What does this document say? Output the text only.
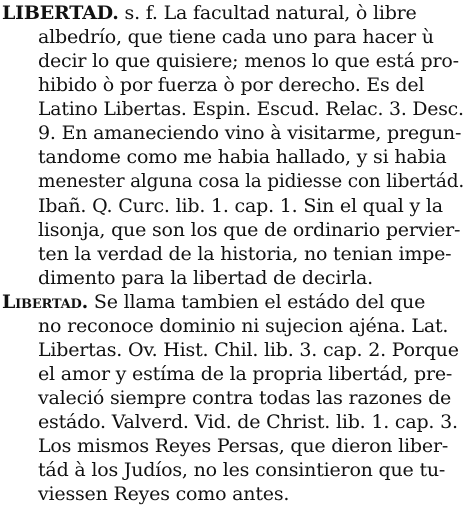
LIBERTAD. s. f. La facultad natural, ò libre
albedrío, que tiene cada uno para hacer ù
decir lo que quisiere; menos lo que está pro-
hibido ò por fuerza ò por derecho. Es del
Latino Libertas. Espin. Escud. Relac. 3. Desc.
9. En amaneciendo vino à visitarme, pregun-
tandome como me habia hallado, y si habia
menester alguna cosa la pidiesse con libertád.
Ibañ. Q. Curc. lib. 1. cap. 1. Sin el qual y la
lisonja, que son los que de ordinario pervier-
ten la verdad de la historia, no tenian impe-
dimento para la libertad de decirla.
Libertad. Se llama tambien el estádo del que
no reconoce dominio ni sujecion ajéna. Lat.
Libertas. Ov. Hist. Chil. lib. 3. cap. 2. Porque
el amor y estíma de la propria libertád, pre-
valeció siempre contra todas las razones de
estádo. Valverd. Vid. de Christ. lib. 1. cap. 3.
Los mismos Reyes Persas, que dieron liber-
tád à los Judíos, no les consintieron que tu-
viessen Reyes como antes.
